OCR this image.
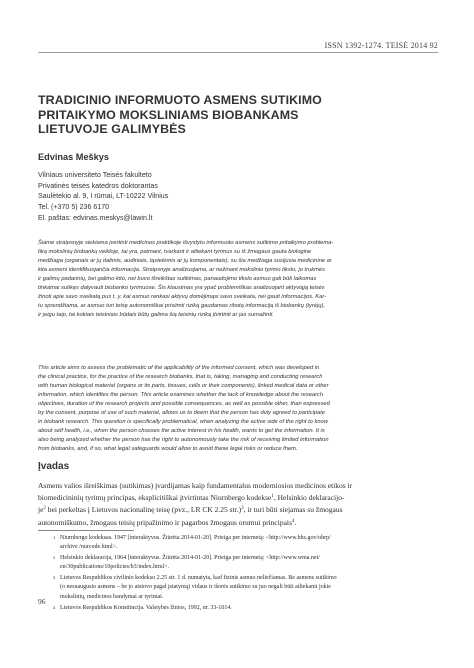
ISSN 1392-1274. TEISĖ 2014 92
TRADICINIO INFORMUOTO ASMENS SUTIKIMO
PRITAIKYMO MOKSLINIAMS BIOBANKAMS
LIETUVOJE GALIMYBĖS
Edvinas Meškys
Vilniaus universiteto Teisės fakulteto
Privatinės teisės katedros doktorantas
Saulėtekio al. 9, I rūmai, LT-10222 Vilnius
Tel. (+370 5) 236 6170
El. paštas: edvinas.meskys@lawin.lt
Šiame straipsnyje siekiama įvertinti medicinos praktikoje išvystyto informuoto asmens sutikimo pritaikymo problema-
tiką mokslinių biobankų veikloje, tai yra, paimant, tvarkant ir atliekant tyrimus su iš žmogaus gauta biologine
medžiaga (organais ar jų dalimis, audiniais, ląstelėmis ar jų komponentais), su šia medžiaga susijusia medicinine ar
kita asmeni identifikuojančia informacija. Straipsnyje analizuojama, ar nežinant mokslinio tyrimo tikslo, jo trukmės
ir galimų padarinių, bei galimo kito, nei buvo išreikštas sutikimas, panaudojimo tikslo asmuo gali būti laikomas
tinkamai sutikęs dalyvauti biobanko tyrimuose. Šis klausimas yra ypač problemiškas analizuojant aktyviąją teisės
žinoti apie savo sveikatą pus t. y. kai asmuo renkasi aktyvų domėjimąsi savo sveikata, nei gauti informacijos. Kar-
tu sprendžiama, ar asmuo turi teisę autonomiškai prisiimti riziką gaudamas ribotą informaciją iš biobankų (tyrėjų),
ir jeigu taip, tai kokiais teisiniais būdais būtų galima šią teisinių riziką įtvirtinti ar jas sumažinti.
This article aims to assess the problematic of the applicability of the informed consent, which was developed in
the clinical practice, for the practice of the research biobanks, that is, taking, managing and conducting research
with human biological material (organs or its parts, tissues, cells or their components), linked medical data or other
information, which identifies the person. This article examines whether the lack of knowledge about the research
objectives, duration of the research projects and possible consequences, as well as possible other, than expressed
by the consent, purpose of use of such material, allows us to deem that the person has duly agreed to participate
in biobank research. This question is specifically problematical, when analyzing the active side of the right to know
about self health, i.e., when the person chooses the active interest in his health, wants to get the information. It is
also being analyzed whether the person has the right to autonomously take the risk of receiving limited information
from biobanks, and, if so, what legal safeguards would allow to avoid these legal risks or reduce them.
Įvadas
Asmens valios išreiškimas (sutikimas) įvardijamas kaip fundamentalus moderniosios medicinos etikos ir
biomedicininių tyrimų principas, eksplicitiškai įtvirtintas Niurnbergo kodekse$^1$, Helsinkio deklaracijo-
$je^2$ bei perkeltas į Lietuvos nacionalinę teisę (pvz., LR CK 2.25 str.)$^3$, ir turi būti siejamas su žmogaus
autonomiškumo, žmogaus teisių pripažinimo ir pagarbos žmogaus orumui principais$^4$.
1 Niurnbergo kodeksas. 1947 [interaktyvus. Žiūrėta 2014-01-20]. Prieiga per internetą: <http://www.hhs.gov/ohrp/
archive /nurcode.html>.
2 Helsinkio deklaracija, 1964 [interaktyvus. Žiūrėta 2014-01-20]. Prieiga per internetą: <http://www.wma.net/
en/30publications/10policies/b3/index.html>.
3 Lietuvos Respublikos civilinio kodekso 2.25 str. 1 d. numatyta, kad fizinis asmuo neliečiamas. Be asmens sutikimo
(o nesuaugusio asmens – be jo atstovo pagal įstatymą) vidaus ir išorės sutikimo su juo negali būti atliekami jokie
mokslinių, medicinos bandymai ar tyrimai.
4 Lietuvos Respublikos Konstitucija. Valstybės žinios, 1992, nr. 33-1014.
96
